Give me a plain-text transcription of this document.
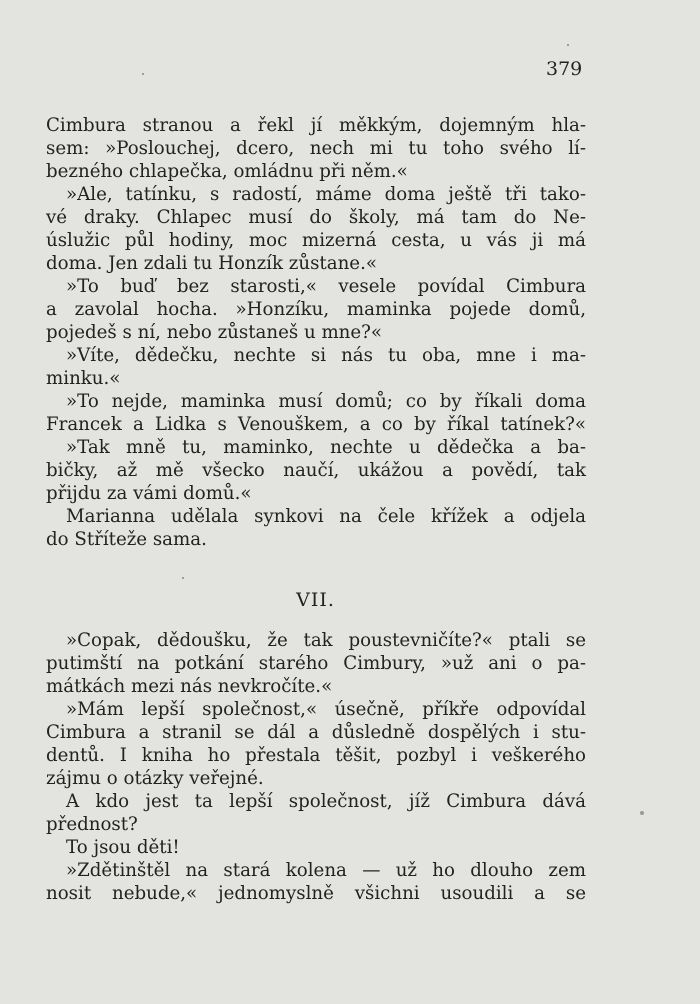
379
Cimbura stranou a řekl jí měkkým, dojemným hla-
sem: »Poslouchej, dcero, nech mi tu toho svého lí-
bezného chlapečka, omládnu při něm.«
»Ale, tatínku, s radostí, máme doma ještě tři tako-
vé draky. Chlapec musí do školy, má tam do Ne-
úslužic půl hodiny, moc mizerná cesta, u vás ji má
doma. Jen zdali tu Honzík zůstane.«
»To buď bez starosti,« vesele povídal Cimbura
a zavolal hocha. »Honzíku, maminka pojede domů,
pojedeš s ní, nebo zůstaneš u mne?«
»Víte, dědečku, nechte si nás tu oba, mne i ma-
minku.«
»To nejde, maminka musí domů; co by říkali doma
Francek a Lidka s Venouškem, a co by říkal tatínek?«
»Tak mně tu, maminko, nechte u dědečka a ba-
bičky, až mě všecko naučí, ukážou a povědí, tak
přijdu za vámi domů.«
Marianna udělala synkovi na čele křížek a odjela
do Stříteže sama.
VII.
»Copak, dědoušku, že tak poustevničíte?« ptali se
putimští na potkání starého Cimbury, »už ani o pa-
mátkách mezi nás nevkročíte.«
»Mám lepší společnost,« úsečně, příkře odpovídal
Cimbura a stranil se dál a důsledně dospělých i stu-
dentů. I kniha ho přestala těšit, pozbyl i veškerého
zájmu o otázky veřejné.
A kdo jest ta lepší společnost, jíž Cimbura dává
přednost?
To jsou děti!
»Zdětinštěl na stará kolena — už ho dlouho zem
nosit nebude,« jednomyslně všichni usoudili a se
